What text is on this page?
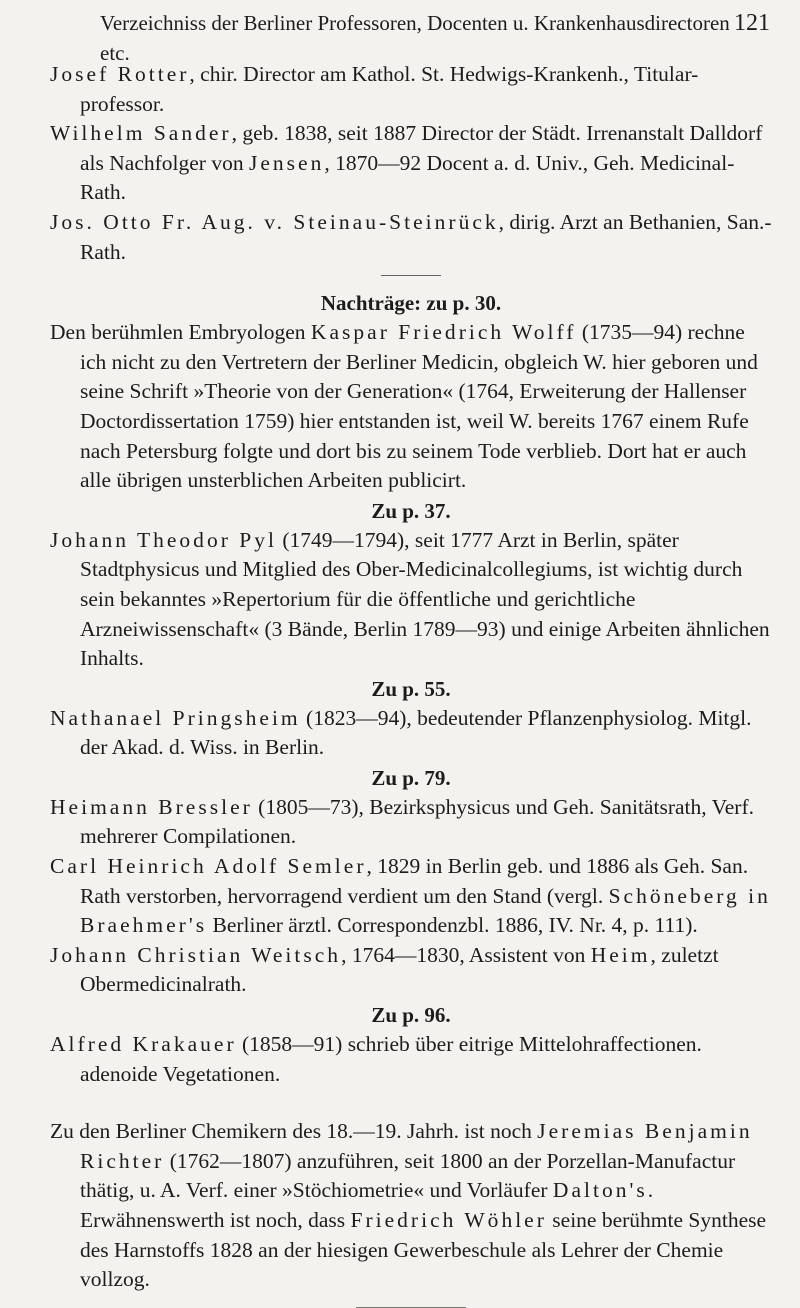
Verzeichniss der Berliner Professoren, Docenten u. Krankenhausdirectoren etc.
121

Josef Rotter, chir. Director am Kathol. St. Hedwigs-Krankenh., Titular-professor.

Wilhelm Sander, geb. 1838, seit 1887 Director der Städt. Irrenanstalt Dalldorf als Nachfolger von Jensen, 1870—92 Docent a. d. Univ., Geh. Medicinal-Rath.

Jos. Otto Fr. Aug. v. Steinau-Steinrück, dirig. Arzt an Bethanien, San.-Rath.

Nachträge: zu p. 30.

Den berühmlen Embryologen Kaspar Friedrich Wolff (1735—94) rechne ich nicht zu den Vertretern der Berliner Medicin, obgleich W. hier geboren und seine Schrift »Theorie von der Generation« (1764, Erweiterung der Hallenser Doctordissertation 1759) hier entstanden ist, weil W. bereits 1767 einem Rufe nach Petersburg folgte und dort bis zu seinem Tode verblieb. Dort hat er auch alle übrigen unsterblichen Arbeiten publicirt.

Zu p. 37.

Johann Theodor Pyl (1749—1794), seit 1777 Arzt in Berlin, später Stadtphysicus und Mitglied des Ober-Medicinalcollegiums, ist wichtig durch sein bekanntes »Repertorium für die öffentliche und gerichtliche Arzneiwissenschaft« (3 Bände, Berlin 1789—93) und einige Arbeiten ähnlichen Inhalts.

Zu p. 55.

Nathanael Pringsheim (1823—94), bedeutender Pflanzenphysiolog. Mitgl. der Akad. d. Wiss. in Berlin.

Zu p. 79.

Heimann Bressler (1805—73), Bezirksphysicus und Geh. Sanitätsrath, Verf. mehrerer Compilationen.

Carl Heinrich Adolf Semler, 1829 in Berlin geb. und 1886 als Geh. San. Rath verstorben, hervorragend verdient um den Stand (vergl. Schöneberg in Braehmer's Berliner ärztl. Correspondenzbl. 1886, IV. Nr. 4, p. 111).

Johann Christian Weitsch, 1764—1830, Assistent von Heim, zuletzt Obermedicinalrath.

Zu p. 96.

Alfred Krakauer (1858—91) schrieb über eitrige Mittelohraffectionen. adenoide Vegetationen.

Zu den Berliner Chemikern des 18.—19. Jahrh. ist noch Jeremias Benjamin Richter (1762—1807) anzuführen, seit 1800 an der Porzellan-Manufactur thätig, u. A. Verf. einer »Stöchiometrie« und Vorläufer Dalton's. Erwähnenswerth ist noch, dass Friedrich Wöhler seine berühmte Synthese des Harnstoffs 1828 an der hiesigen Gewerbeschule als Lehrer der Chemie vollzog.
